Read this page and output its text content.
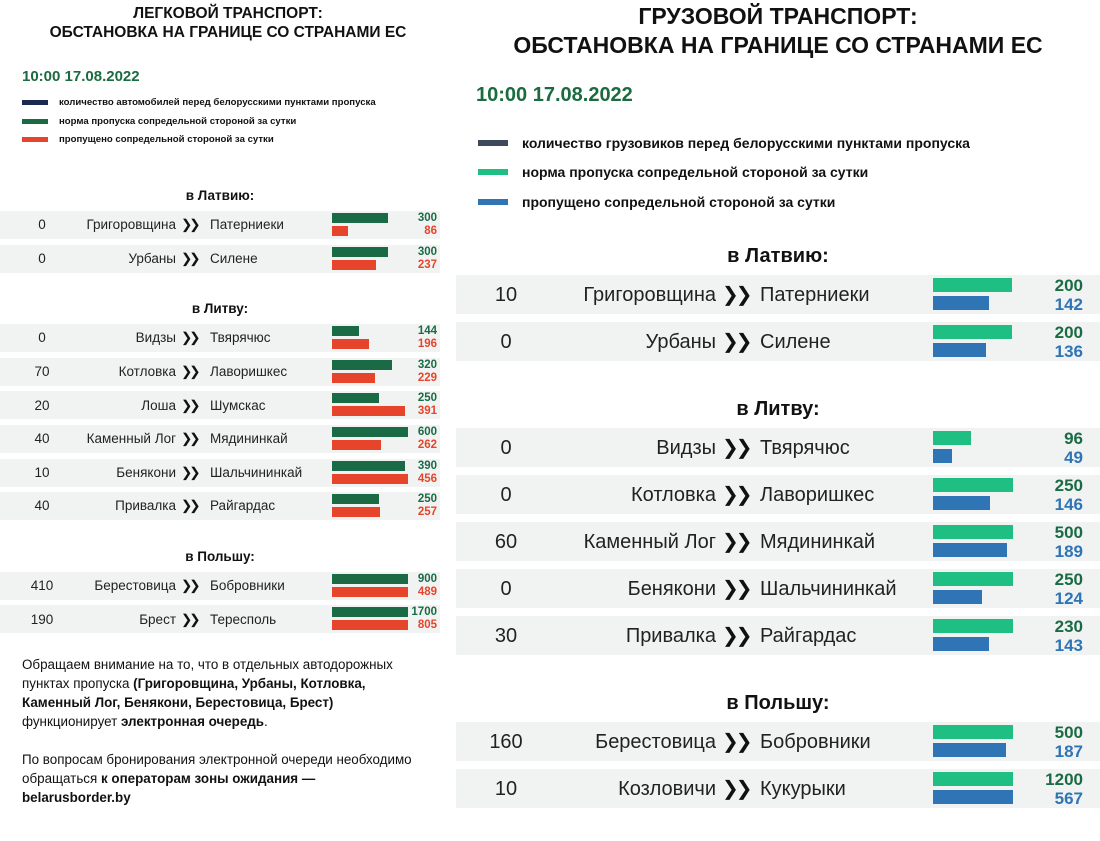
ЛЕГКОВОЙ ТРАНСПОРТ:
ОБСТАНОВКА НА ГРАНИЦЕ СО СТРАНАМИ ЕС
10:00 17.08.2022
количество автомобилей перед белорусскими пунктами пропуска
норма пропуска сопредельной стороной за сутки
пропущено сопредельной стороной за сутки
в Латвию:
0	Григоровщина ❯❯ Патерниеки	300
86
0	Урбаны ❯❯ Силене	300
237
в Литву:
0	Видзы ❯❯ Твярячюс	144
196
70	Котловка ❯❯ Лаворишкес	320
229
20	Лоша ❯❯ Шумскас	250
391
40	Каменный Лог ❯❯ Мядининкай	600
262
10	Бенякони ❯❯ Шальчининкай	390
456
40	Привалка ❯❯ Райгардас	250
257
в Польшу:
410	Берестовица ❯❯ Бобровники	900
489
190	Брест ❯❯ Тересполь	1700
805

Обращаем внимание на то, что в отдельных автодорожных пунктах пропуска (Григоровщина, Урбаны, Котловка, Каменный Лог, Бенякони, Берестовица, Брест) функционирует электронная очередь.

По вопросам бронирования электронной очереди необходимо обращаться к операторам зоны ожидания — belarusborder.by

ГРУЗОВОЙ ТРАНСПОРТ:
ОБСТАНОВКА НА ГРАНИЦЕ СО СТРАНАМИ ЕС
10:00 17.08.2022
количество грузовиков перед белорусскими пунктами пропуска
норма пропуска сопредельной стороной за сутки
пропущено сопредельной стороной за сутки
в Латвию:
10	Григоровщина ❯❯ Патерниеки	200
142
0	Урбаны ❯❯ Силене	200
136
в Литву:
0	Видзы ❯❯ Твярячюс	96
49
0	Котловка ❯❯ Лаворишкес	250
146
60	Каменный Лог ❯❯ Мядининкай	500
189
0	Бенякони ❯❯ Шальчининкай	250
124
30	Привалка ❯❯ Райгардас	230
143
в Польшу:
160	Берестовица ❯❯ Бобровники	500
187
10	Козловичи ❯❯ Кукурыки	1200
567
